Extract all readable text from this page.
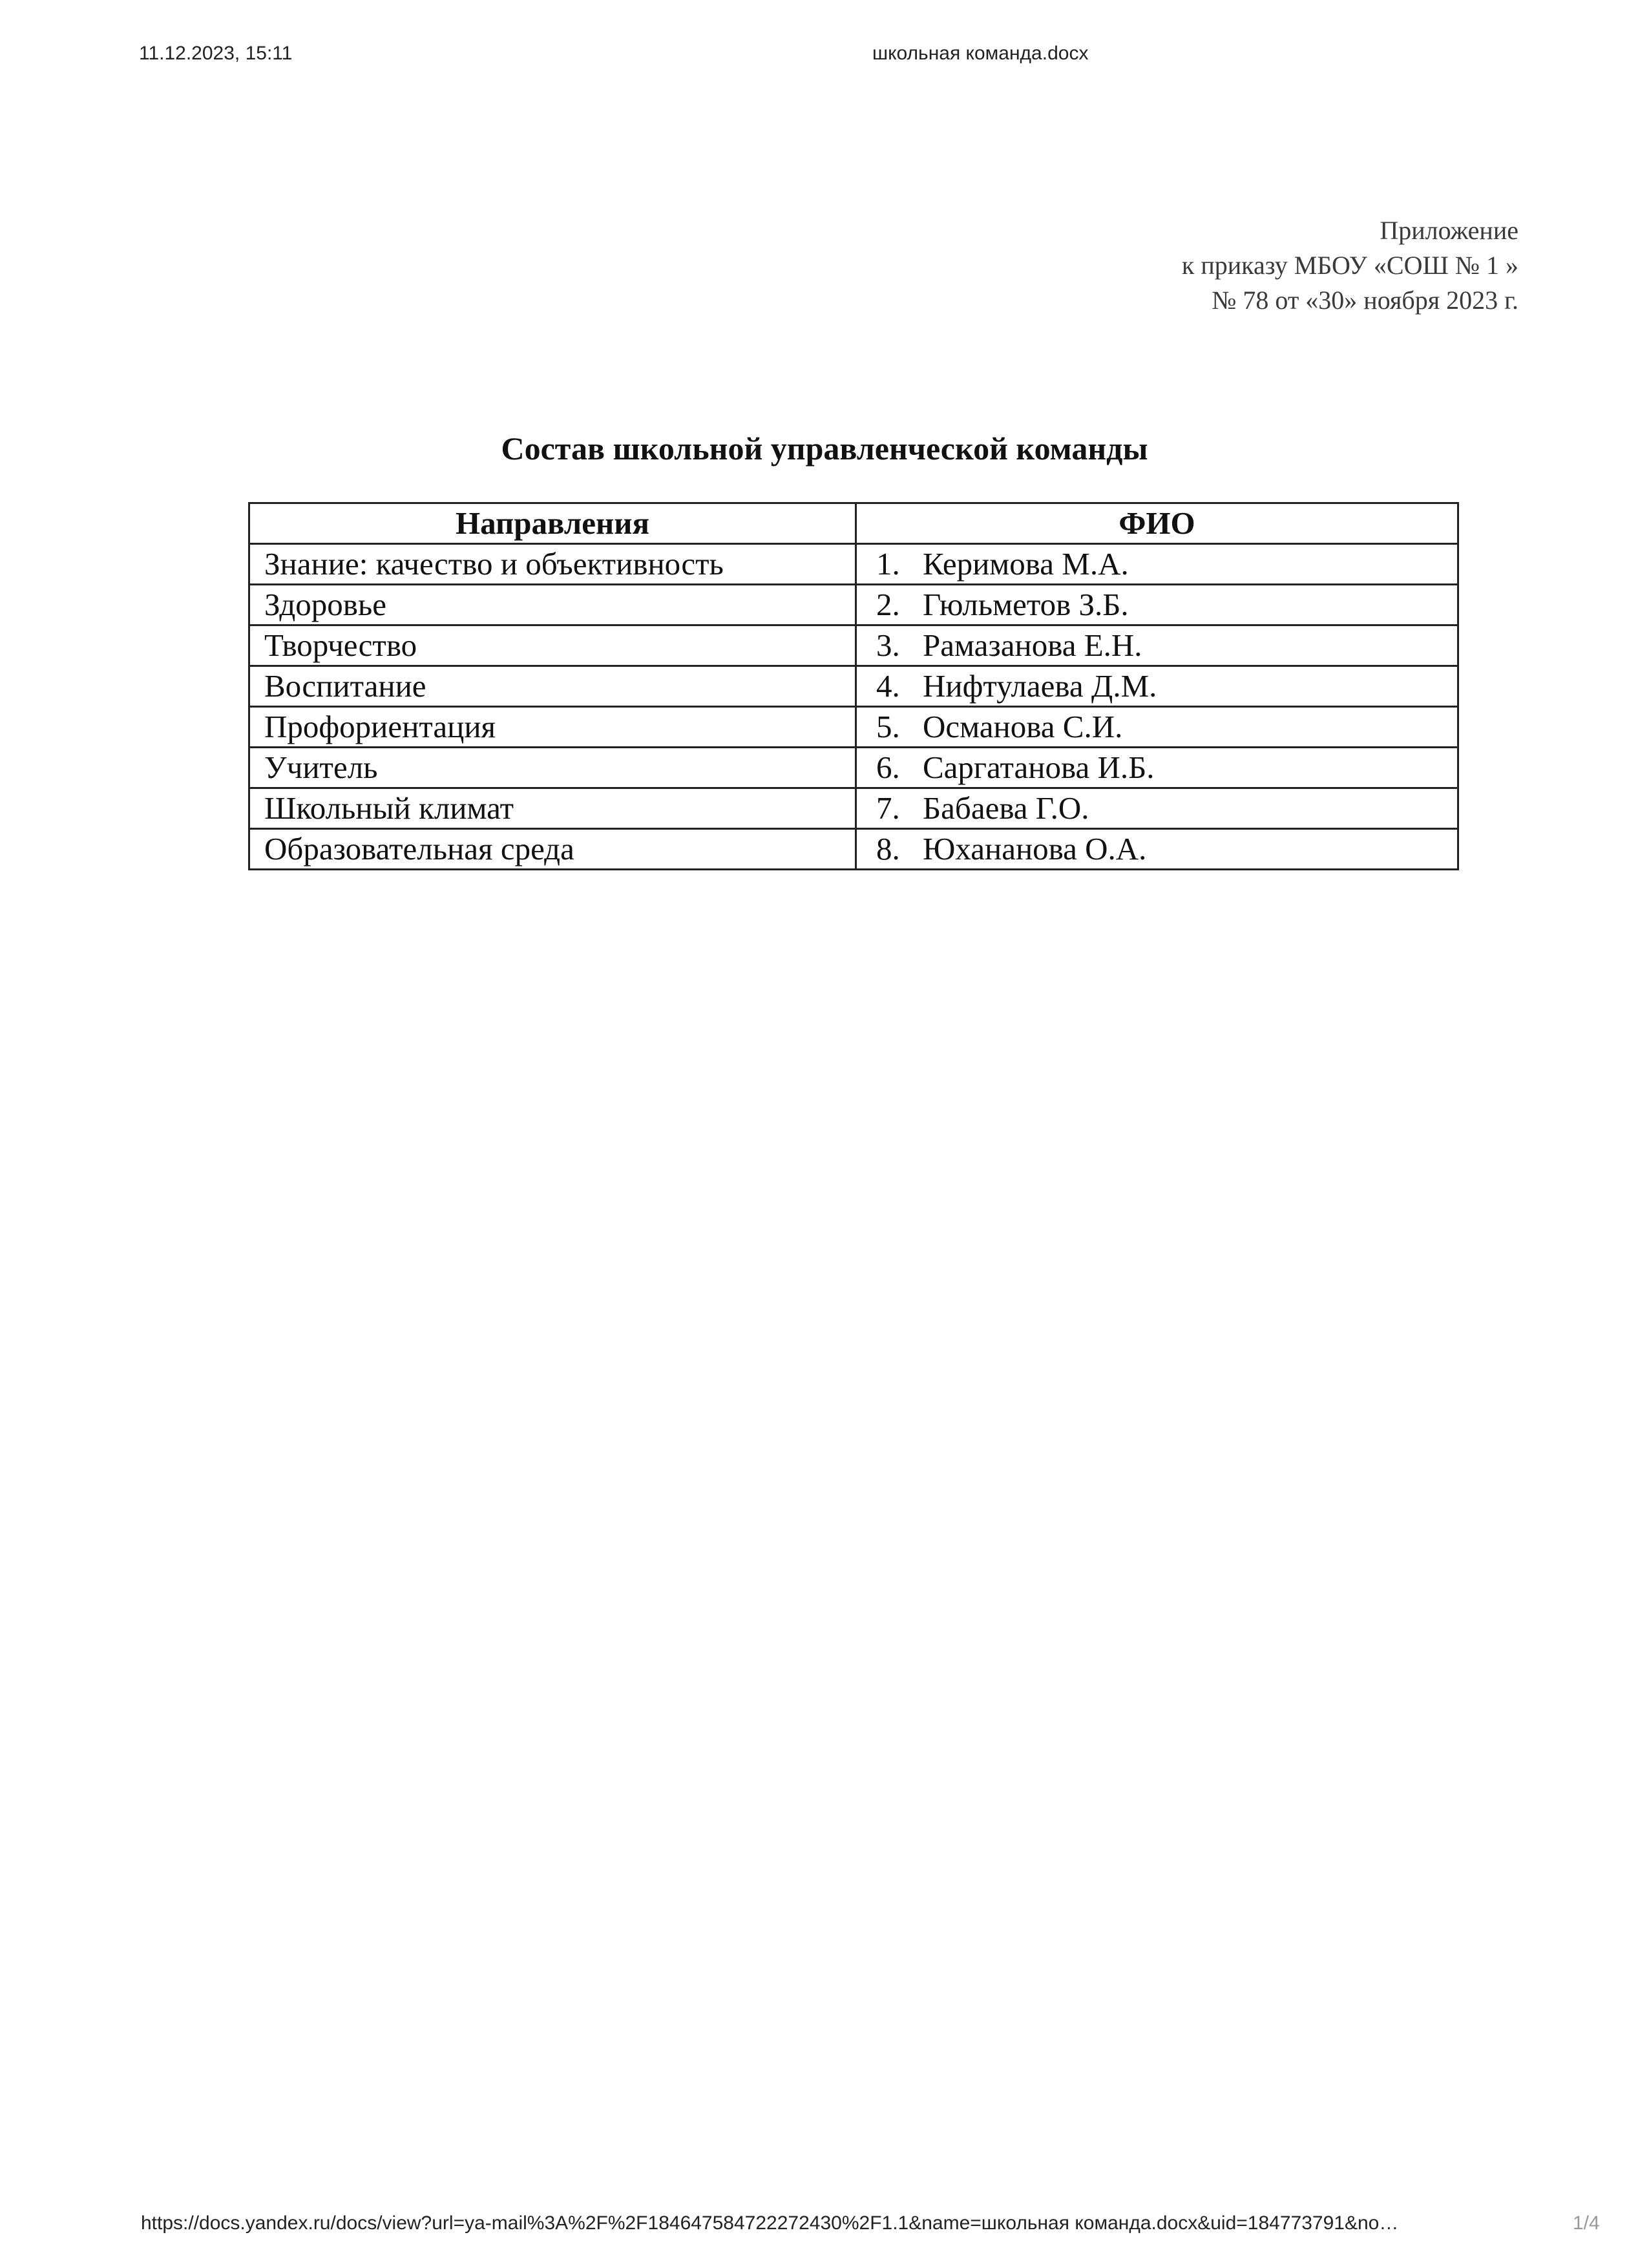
11.12.2023, 15:11	школьная команда.docx
Приложение
к приказу МБОУ «СОШ № 1 »
№ 78 от «30» ноября 2023 г.
Состав школьной управленческой команды
Направления	ФИО
Знание: качество и объективность	1. Керимова М.А.
Здоровье	2. Гюльметов З.Б.
Творчество	3. Рамазанова Е.Н.
Воспитание	4. Нифтулаева Д.М.
Профориентация	5. Османова С.И.
Учитель	6. Саргатанова И.Б.
Школьный климат	7. Бабаева Г.О.
Образовательная среда	8. Юхананова О.А.
https://docs.yandex.ru/docs/view?url=ya-mail%3A%2F%2F184647584722272430%2F1.1&name=школьная команда.docx&uid=184773791&no…	1/4
